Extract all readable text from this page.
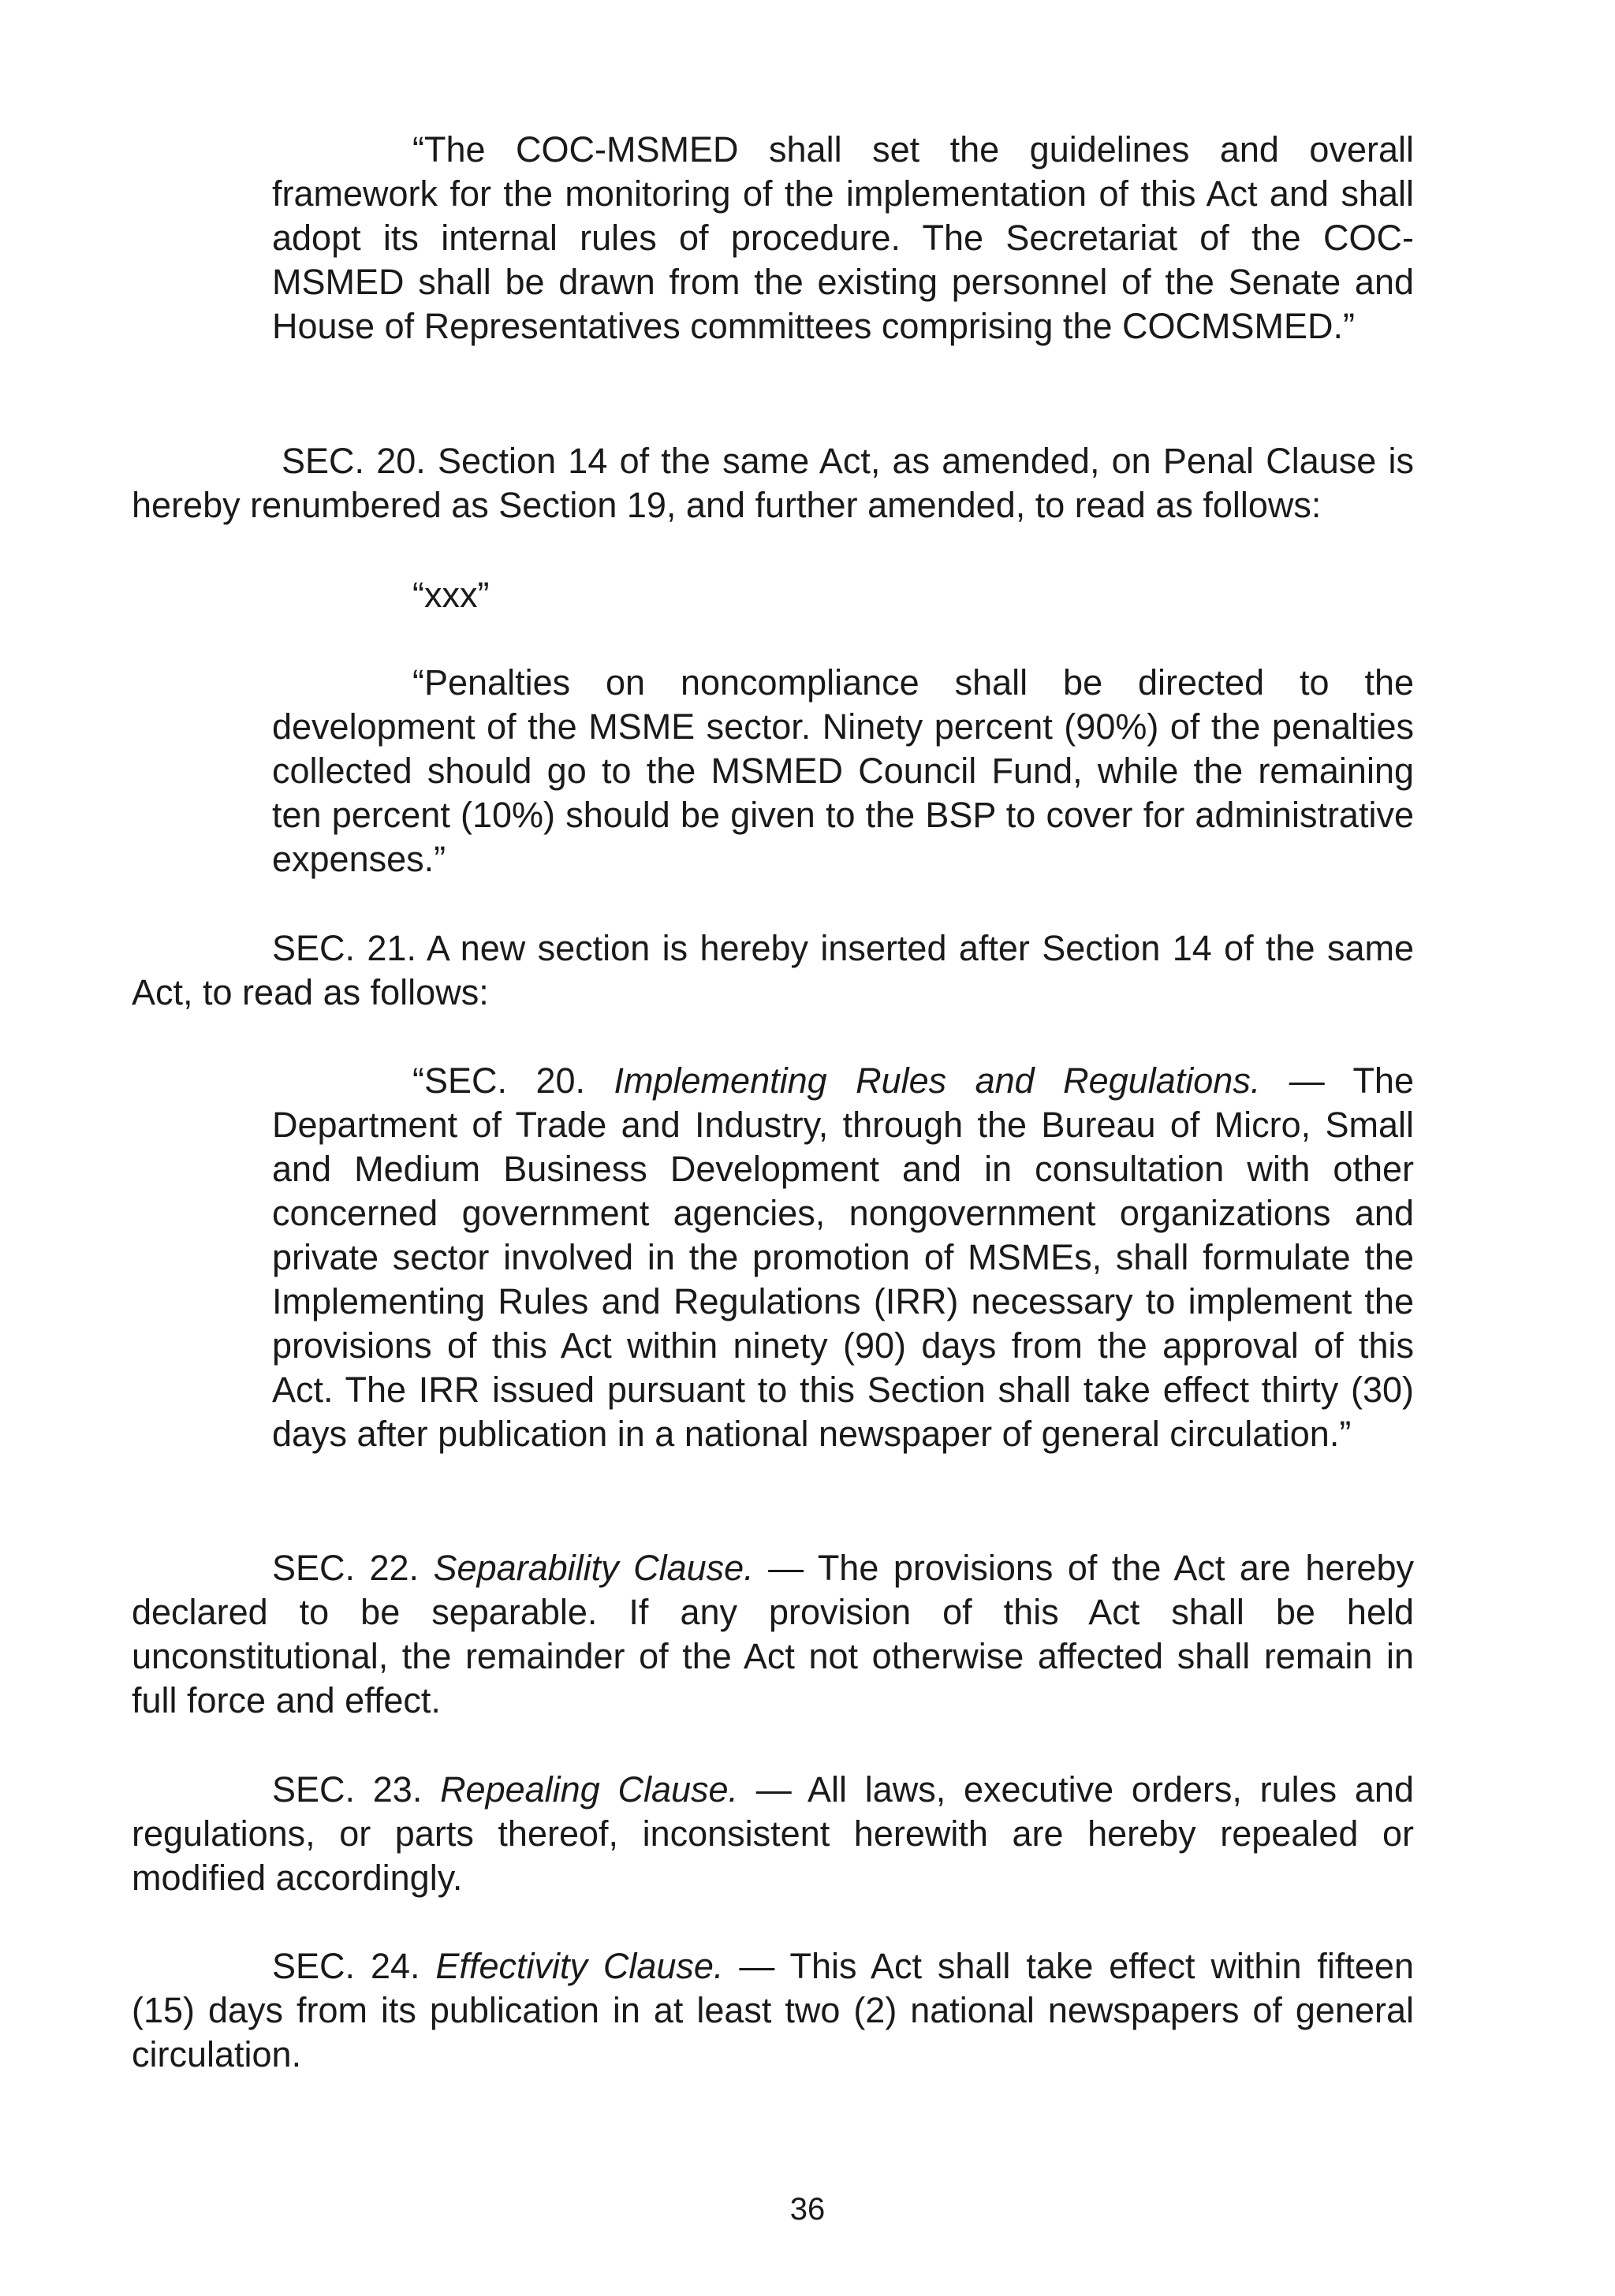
“The COC-MSMED shall set the guidelines and overall framework for the monitoring of the implementation of this Act and shall adopt its internal rules of procedure. The Secretariat of the COC-MSMED shall be drawn from the existing personnel of the Senate and House of Representatives committees comprising the COCMSMED.”

SEC. 20. Section 14 of the same Act, as amended, on Penal Clause is hereby renumbered as Section 19, and further amended, to read as follows:

“xxx”

“Penalties on noncompliance shall be directed to the development of the MSME sector. Ninety percent (90%) of the penalties collected should go to the MSMED Council Fund, while the remaining ten percent (10%) should be given to the BSP to cover for administrative expenses.”

SEC. 21. A new section is hereby inserted after Section 14 of the same Act, to read as follows:

“SEC. 20. Implementing Rules and Regulations. — The Department of Trade and Industry, through the Bureau of Micro, Small and Medium Business Development and in consultation with other concerned government agencies, nongovernment organizations and private sector involved in the promotion of MSMEs, shall formulate the Implementing Rules and Regulations (IRR) necessary to implement the provisions of this Act within ninety (90) days from the approval of this Act. The IRR issued pursuant to this Section shall take effect thirty (30) days after publication in a national newspaper of general circulation.”

SEC. 22. Separability Clause. — The provisions of the Act are hereby declared to be separable. If any provision of this Act shall be held unconstitutional, the remainder of the Act not otherwise affected shall remain in full force and effect.

SEC. 23. Repealing Clause. — All laws, executive orders, rules and regulations, or parts thereof, inconsistent herewith are hereby repealed or modified accordingly.

SEC. 24. Effectivity Clause. — This Act shall take effect within fifteen (15) days from its publication in at least two (2) national newspapers of general circulation.

36
